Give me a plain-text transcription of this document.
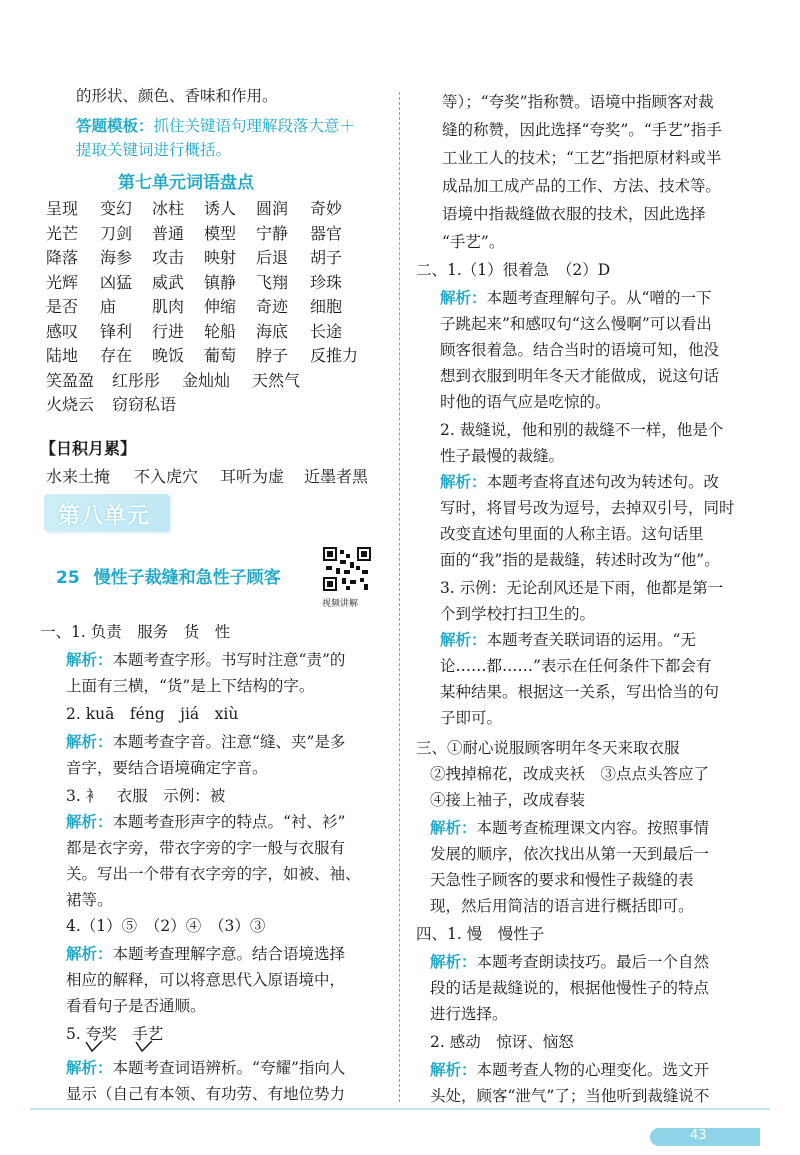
的形状、颜色、香味和作用。
答题模板：抓住关键语句理解段落大意＋
提取关键词进行概括。
第七单元词语盘点
呈现 变幻 冰柱 诱人 圆润 奇妙
光芒 刀剑 普通 模型 宁静 器官
降落 海参 攻击 映射 后退 胡子
光辉 凶猛 威武 镇静 飞翔 珍珠
是否 庙 肌肉 伸缩 奇迹 细胞
感叹 锋利 行进 轮船 海底 长途
陆地 存在 晚饭 葡萄 脖子 反推力
笑盈盈 红彤彤 金灿灿 天然气
火烧云 窃窃私语
【日积月累】
水来土掩 不入虎穴 耳听为虚 近墨者黑
第八单元
25 慢性子裁缝和急性子顾客
视频讲解
一、1. 负责　服务　货　性
解析：本题考查字形。书写时注意“责”的
上面有三横，“货”是上下结构的字。
2. kuā　féng　jiá　xiù
解析：本题考查字音。注意“缝、夹”是多
音字，要结合语境确定字音。
3. 衤　衣服　示例：被
解析：本题考查形声字的特点。“衬、衫”
都是衣字旁，带衣字旁的字一般与衣服有
关。写出一个带有衣字旁的字，如被、袖、
裙等。
4.（1）⑤　（2）④　（3）③
解析：本题考查理解字意。结合语境选择
相应的解释，可以将意思代入原语境中，
看看句子是否通顺。
5. 夸奖　手艺
解析：本题考查词语辨析。“夸耀”指向人
显示（自己有本领、有功劳、有地位势力
等）；“夸奖”指称赞。语境中指顾客对裁
缝的称赞，因此选择“夸奖”。“手艺”指手
工业工人的技术；“工艺”指把原材料或半
成品加工成产品的工作、方法、技术等。
语境中指裁缝做衣服的技术，因此选择
“手艺”。
二、1.（1）很着急　（2）D
解析：本题考查理解句子。从“噌的一下
子跳起来”和感叹句“这么慢啊”可以看出
顾客很着急。结合当时的语境可知，他没
想到衣服到明年冬天才能做成，说这句话
时他的语气应是吃惊的。
2. 裁缝说，他和别的裁缝不一样，他是个
性子最慢的裁缝。
解析：本题考查将直述句改为转述句。改
写时，将冒号改为逗号，去掉双引号，同时
改变直述句里面的人称主语。这句话里
面的“我”指的是裁缝，转述时改为“他”。
3. 示例：无论刮风还是下雨，他都是第一
个到学校打扫卫生的。
解析：本题考查关联词语的运用。“无
论……都……”表示在任何条件下都会有
某种结果。根据这一关系，写出恰当的句
子即可。
三、①耐心说服顾客明年冬天来取衣服
②拽掉棉花，改成夹袄　③点点头答应了
④接上袖子，改成春装
解析：本题考查梳理课文内容。按照事情
发展的顺序，依次找出从第一天到最后一
天急性子顾客的要求和慢性子裁缝的表
现，然后用简洁的语言进行概括即可。
四、1. 慢　慢性子
解析：本题考查朗读技巧。最后一个自然
段的话是裁缝说的，根据他慢性子的特点
进行选择。
2. 感动　惊讶、恼怒
解析：本题考查人物的心理变化。选文开
头处，顾客“泄气”了；当他听到裁缝说不
43
